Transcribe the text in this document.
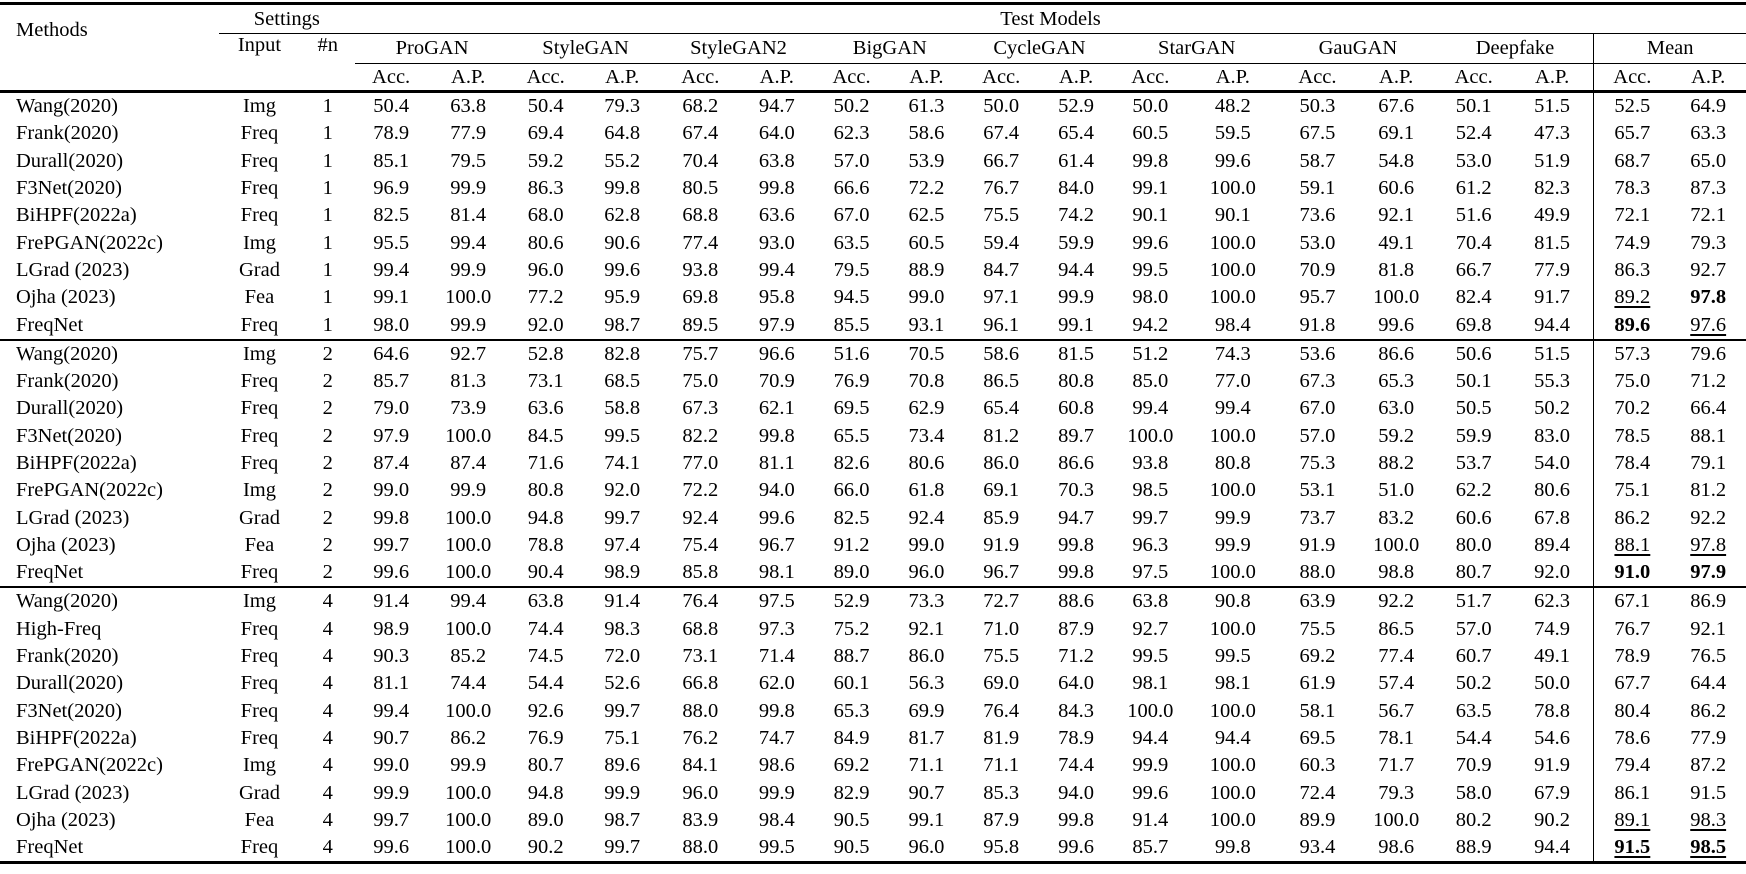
Methods	Settings		Test Models																	
	Input	#n	ProGAN		StyleGAN		StyleGAN2		BigGAN		CycleGAN		StarGAN		GauGAN		Deepfake		Mean	
			Acc.	A.P.	Acc.	A.P.	Acc.	A.P.	Acc.	A.P.	Acc.	A.P.	Acc.	A.P.	Acc.	A.P.	Acc.	A.P.	Acc.	A.P.
Wang(2020)	Img	1	50.4	63.8	50.4	79.3	68.2	94.7	50.2	61.3	50.0	52.9	50.0	48.2	50.3	67.6	50.1	51.5	52.5	64.9
Frank(2020)	Freq	1	78.9	77.9	69.4	64.8	67.4	64.0	62.3	58.6	67.4	65.4	60.5	59.5	67.5	69.1	52.4	47.3	65.7	63.3
Durall(2020)	Freq	1	85.1	79.5	59.2	55.2	70.4	63.8	57.0	53.9	66.7	61.4	99.8	99.6	58.7	54.8	53.0	51.9	68.7	65.0
F3Net(2020)	Freq	1	96.9	99.9	86.3	99.8	80.5	99.8	66.6	72.2	76.7	84.0	99.1	100.0	59.1	60.6	61.2	82.3	78.3	87.3
BiHPF(2022a)	Freq	1	82.5	81.4	68.0	62.8	68.8	63.6	67.0	62.5	75.5	74.2	90.1	90.1	73.6	92.1	51.6	49.9	72.1	72.1
FrePGAN(2022c)	Img	1	95.5	99.4	80.6	90.6	77.4	93.0	63.5	60.5	59.4	59.9	99.6	100.0	53.0	49.1	70.4	81.5	74.9	79.3
LGrad (2023)	Grad	1	99.4	99.9	96.0	99.6	93.8	99.4	79.5	88.9	84.7	94.4	99.5	100.0	70.9	81.8	66.7	77.9	86.3	92.7
Ojha (2023)	Fea	1	99.1	100.0	77.2	95.9	69.8	95.8	94.5	99.0	97.1	99.9	98.0	100.0	95.7	100.0	82.4	91.7	89.2	97.8
FreqNet	Freq	1	98.0	99.9	92.0	98.7	89.5	97.9	85.5	93.1	96.1	99.1	94.2	98.4	91.8	99.6	69.8	94.4	89.6	97.6
Wang(2020)	Img	2	64.6	92.7	52.8	82.8	75.7	96.6	51.6	70.5	58.6	81.5	51.2	74.3	53.6	86.6	50.6	51.5	57.3	79.6
Frank(2020)	Freq	2	85.7	81.3	73.1	68.5	75.0	70.9	76.9	70.8	86.5	80.8	85.0	77.0	67.3	65.3	50.1	55.3	75.0	71.2
Durall(2020)	Freq	2	79.0	73.9	63.6	58.8	67.3	62.1	69.5	62.9	65.4	60.8	99.4	99.4	67.0	63.0	50.5	50.2	70.2	66.4
F3Net(2020)	Freq	2	97.9	100.0	84.5	99.5	82.2	99.8	65.5	73.4	81.2	89.7	100.0	100.0	57.0	59.2	59.9	83.0	78.5	88.1
BiHPF(2022a)	Freq	2	87.4	87.4	71.6	74.1	77.0	81.1	82.6	80.6	86.0	86.6	93.8	80.8	75.3	88.2	53.7	54.0	78.4	79.1
FrePGAN(2022c)	Img	2	99.0	99.9	80.8	92.0	72.2	94.0	66.0	61.8	69.1	70.3	98.5	100.0	53.1	51.0	62.2	80.6	75.1	81.2
LGrad (2023)	Grad	2	99.8	100.0	94.8	99.7	92.4	99.6	82.5	92.4	85.9	94.7	99.7	99.9	73.7	83.2	60.6	67.8	86.2	92.2
Ojha (2023)	Fea	2	99.7	100.0	78.8	97.4	75.4	96.7	91.2	99.0	91.9	99.8	96.3	99.9	91.9	100.0	80.0	89.4	88.1	97.8
FreqNet	Freq	2	99.6	100.0	90.4	98.9	85.8	98.1	89.0	96.0	96.7	99.8	97.5	100.0	88.0	98.8	80.7	92.0	91.0	97.9
Wang(2020)	Img	4	91.4	99.4	63.8	91.4	76.4	97.5	52.9	73.3	72.7	88.6	63.8	90.8	63.9	92.2	51.7	62.3	67.1	86.9
High-Freq	Freq	4	98.9	100.0	74.4	98.3	68.8	97.3	75.2	92.1	71.0	87.9	92.7	100.0	75.5	86.5	57.0	74.9	76.7	92.1
Frank(2020)	Freq	4	90.3	85.2	74.5	72.0	73.1	71.4	88.7	86.0	75.5	71.2	99.5	99.5	69.2	77.4	60.7	49.1	78.9	76.5
Durall(2020)	Freq	4	81.1	74.4	54.4	52.6	66.8	62.0	60.1	56.3	69.0	64.0	98.1	98.1	61.9	57.4	50.2	50.0	67.7	64.4
F3Net(2020)	Freq	4	99.4	100.0	92.6	99.7	88.0	99.8	65.3	69.9	76.4	84.3	100.0	100.0	58.1	56.7	63.5	78.8	80.4	86.2
BiHPF(2022a)	Freq	4	90.7	86.2	76.9	75.1	76.2	74.7	84.9	81.7	81.9	78.9	94.4	94.4	69.5	78.1	54.4	54.6	78.6	77.9
FrePGAN(2022c)	Img	4	99.0	99.9	80.7	89.6	84.1	98.6	69.2	71.1	71.1	74.4	99.9	100.0	60.3	71.7	70.9	91.9	79.4	87.2
LGrad (2023)	Grad	4	99.9	100.0	94.8	99.9	96.0	99.9	82.9	90.7	85.3	94.0	99.6	100.0	72.4	79.3	58.0	67.9	86.1	91.5
Ojha (2023)	Fea	4	99.7	100.0	89.0	98.7	83.9	98.4	90.5	99.1	87.9	99.8	91.4	100.0	89.9	100.0	80.2	90.2	89.1	98.3
FreqNet	Freq	4	99.6	100.0	90.2	99.7	88.0	99.5	90.5	96.0	95.8	99.6	85.7	99.8	93.4	98.6	88.9	94.4	91.5	98.5
